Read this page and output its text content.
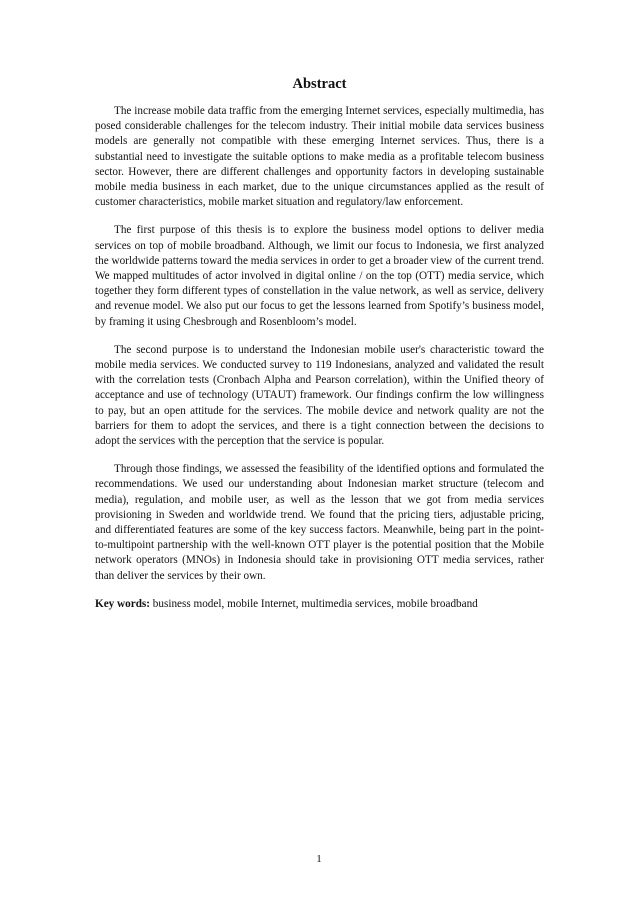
Abstract

The increase mobile data traffic from the emerging Internet services, especially multimedia, has posed considerable challenges for the telecom industry. Their initial mobile data services business models are generally not compatible with these emerging Internet services. Thus, there is a substantial need to investigate the suitable options to make media as a profitable telecom business sector. However, there are different challenges and opportunity factors in developing sustainable mobile media business in each market, due to the unique circumstances applied as the result of customer characteristics, mobile market situation and regulatory/law enforcement.

The first purpose of this thesis is to explore the business model options to deliver media services on top of mobile broadband. Although, we limit our focus to Indonesia, we first analyzed the worldwide patterns toward the media services in order to get a broader view of the current trend. We mapped multitudes of actor involved in digital online / on the top (OTT) media service, which together they form different types of constellation in the value network, as well as service, delivery and revenue model. We also put our focus to get the lessons learned from Spotify’s business model, by framing it using Chesbrough and Rosenbloom’s model.

The second purpose is to understand the Indonesian mobile user's characteristic toward the mobile media services. We conducted survey to 119 Indonesians, analyzed and validated the result with the correlation tests (Cronbach Alpha and Pearson correlation), within the Unified theory of acceptance and use of technology (UTAUT) framework. Our findings confirm the low willingness to pay, but an open attitude for the services. The mobile device and network quality are not the barriers for them to adopt the services, and there is a tight connection between the decisions to adopt the services with the perception that the service is popular.

Through those findings, we assessed the feasibility of the identified options and formulated the recommendations. We used our understanding about Indonesian market structure (telecom and media), regulation, and mobile user, as well as the lesson that we got from media services provisioning in Sweden and worldwide trend. We found that the pricing tiers, adjustable pricing, and differentiated features are some of the key success factors. Meanwhile, being part in the point-to-multipoint partnership with the well-known OTT player is the potential position that the Mobile network operators (MNOs) in Indonesia should take in provisioning OTT media services, rather than deliver the services by their own.

Key words: business model, mobile Internet, multimedia services, mobile broadband

1
